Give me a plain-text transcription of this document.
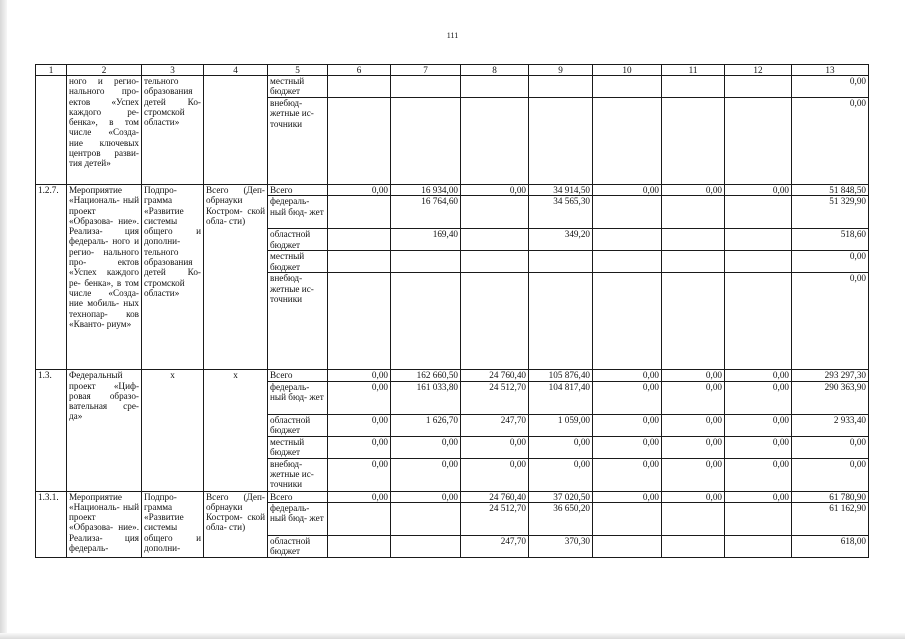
111
1	2	3	4	5	6	7	8	9	10	11	12	13
	ного и регио- нального про- ектов «Успех каждого ре- бенка», в том числе «Созда- ние ключевых центров разви- тия детей»	тельного образования детей Ко- стромской области»		местный бюджет								0,00
				внебюд- жетные ис- точники								0,00
1.2.7.	Мероприятие «Националь- ный проект «Образова- ние». Реализа- ция федераль- ного и регио- нального про- ектов «Успех каждого ре- бенка», в том числе «Созда- ние мобиль- ных технопар- ков «Кванто- риум»	Подпро- грамма «Развитие системы общего и дополни- тельного образования детей Ко- стромской области»	Всего (Деп- обрнауки Костром- ской обла- сти)	Всего	0,00	16 934,00	0,00	34 914,50	0,00	0,00	0,00	51 848,50
				федераль- ный бюд- жет		16 764,60		34 565,30				51 329,90
				областной бюджет		169,40		349,20				518,60
				местный бюджет								0,00
				внебюд- жетные ис- точники								0,00
1.3.	Федеральный проект «Циф- ровая образо- вательная сре- да»	х	х	Всего	0,00	162 660,50	24 760,40	105 876,40	0,00	0,00	0,00	293 297,30
				федераль- ный бюд- жет	0,00	161 033,80	24 512,70	104 817,40	0,00	0,00	0,00	290 363,90
				областной бюджет	0,00	1 626,70	247,70	1 059,00	0,00	0,00	0,00	2 933,40
				местный бюджет	0,00	0,00	0,00	0,00	0,00	0,00	0,00	0,00
				внебюд- жетные ис- точники	0,00	0,00	0,00	0,00	0,00	0,00	0,00	0,00
1.3.1.	Мероприятие «Националь- ный проект «Образова- ние». Реализа- ция федераль-	Подпро- грамма «Развитие системы общего и дополни-	Всего (Деп- обрнауки Костром- ской обла- сти)	Всего	0,00	0,00	24 760,40	37 020,50	0,00	0,00	0,00	61 780,90
				федераль- ный бюд- жет			24 512,70	36 650,20				61 162,90
				областной бюджет			247,70	370,30				618,00
